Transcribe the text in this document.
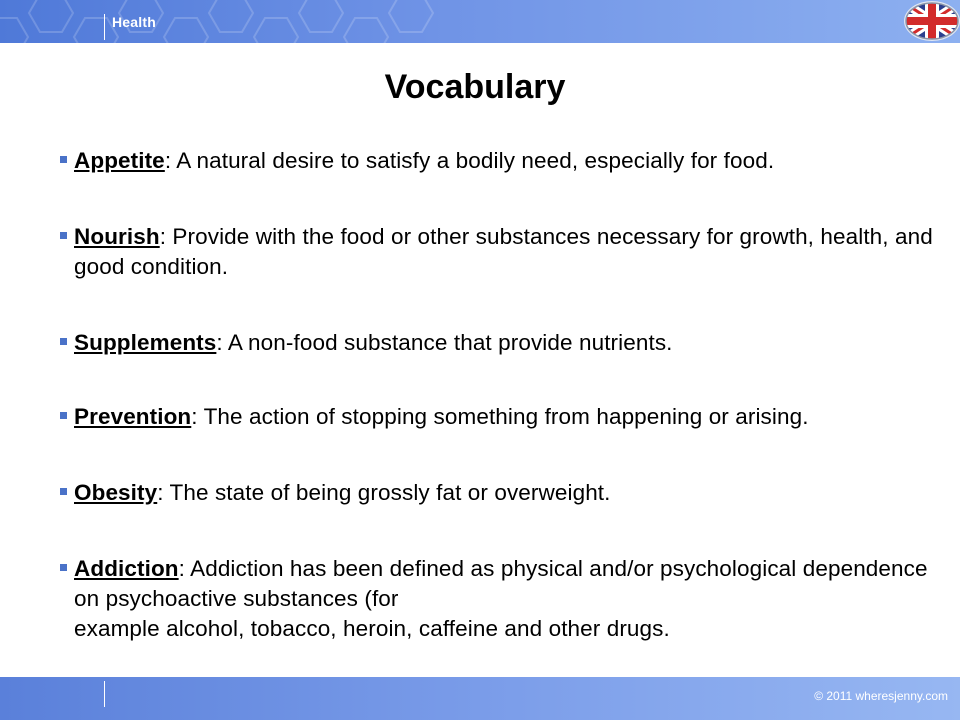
Health
Vocabulary
Appetite: A natural desire to satisfy a bodily need, especially for food.
Nourish: Provide with the food or other substances necessary for growth, health, and good condition.
Supplements: A non-food substance that provide nutrients.
Prevention: The action of stopping something from happening or arising.
Obesity: The state of being grossly fat or overweight.
Addiction: Addiction has been defined as physical and/or psychological dependence on psychoactive substances (for
example alcohol, tobacco, heroin, caffeine and other drugs.
© 2011 wheresjenny.com
